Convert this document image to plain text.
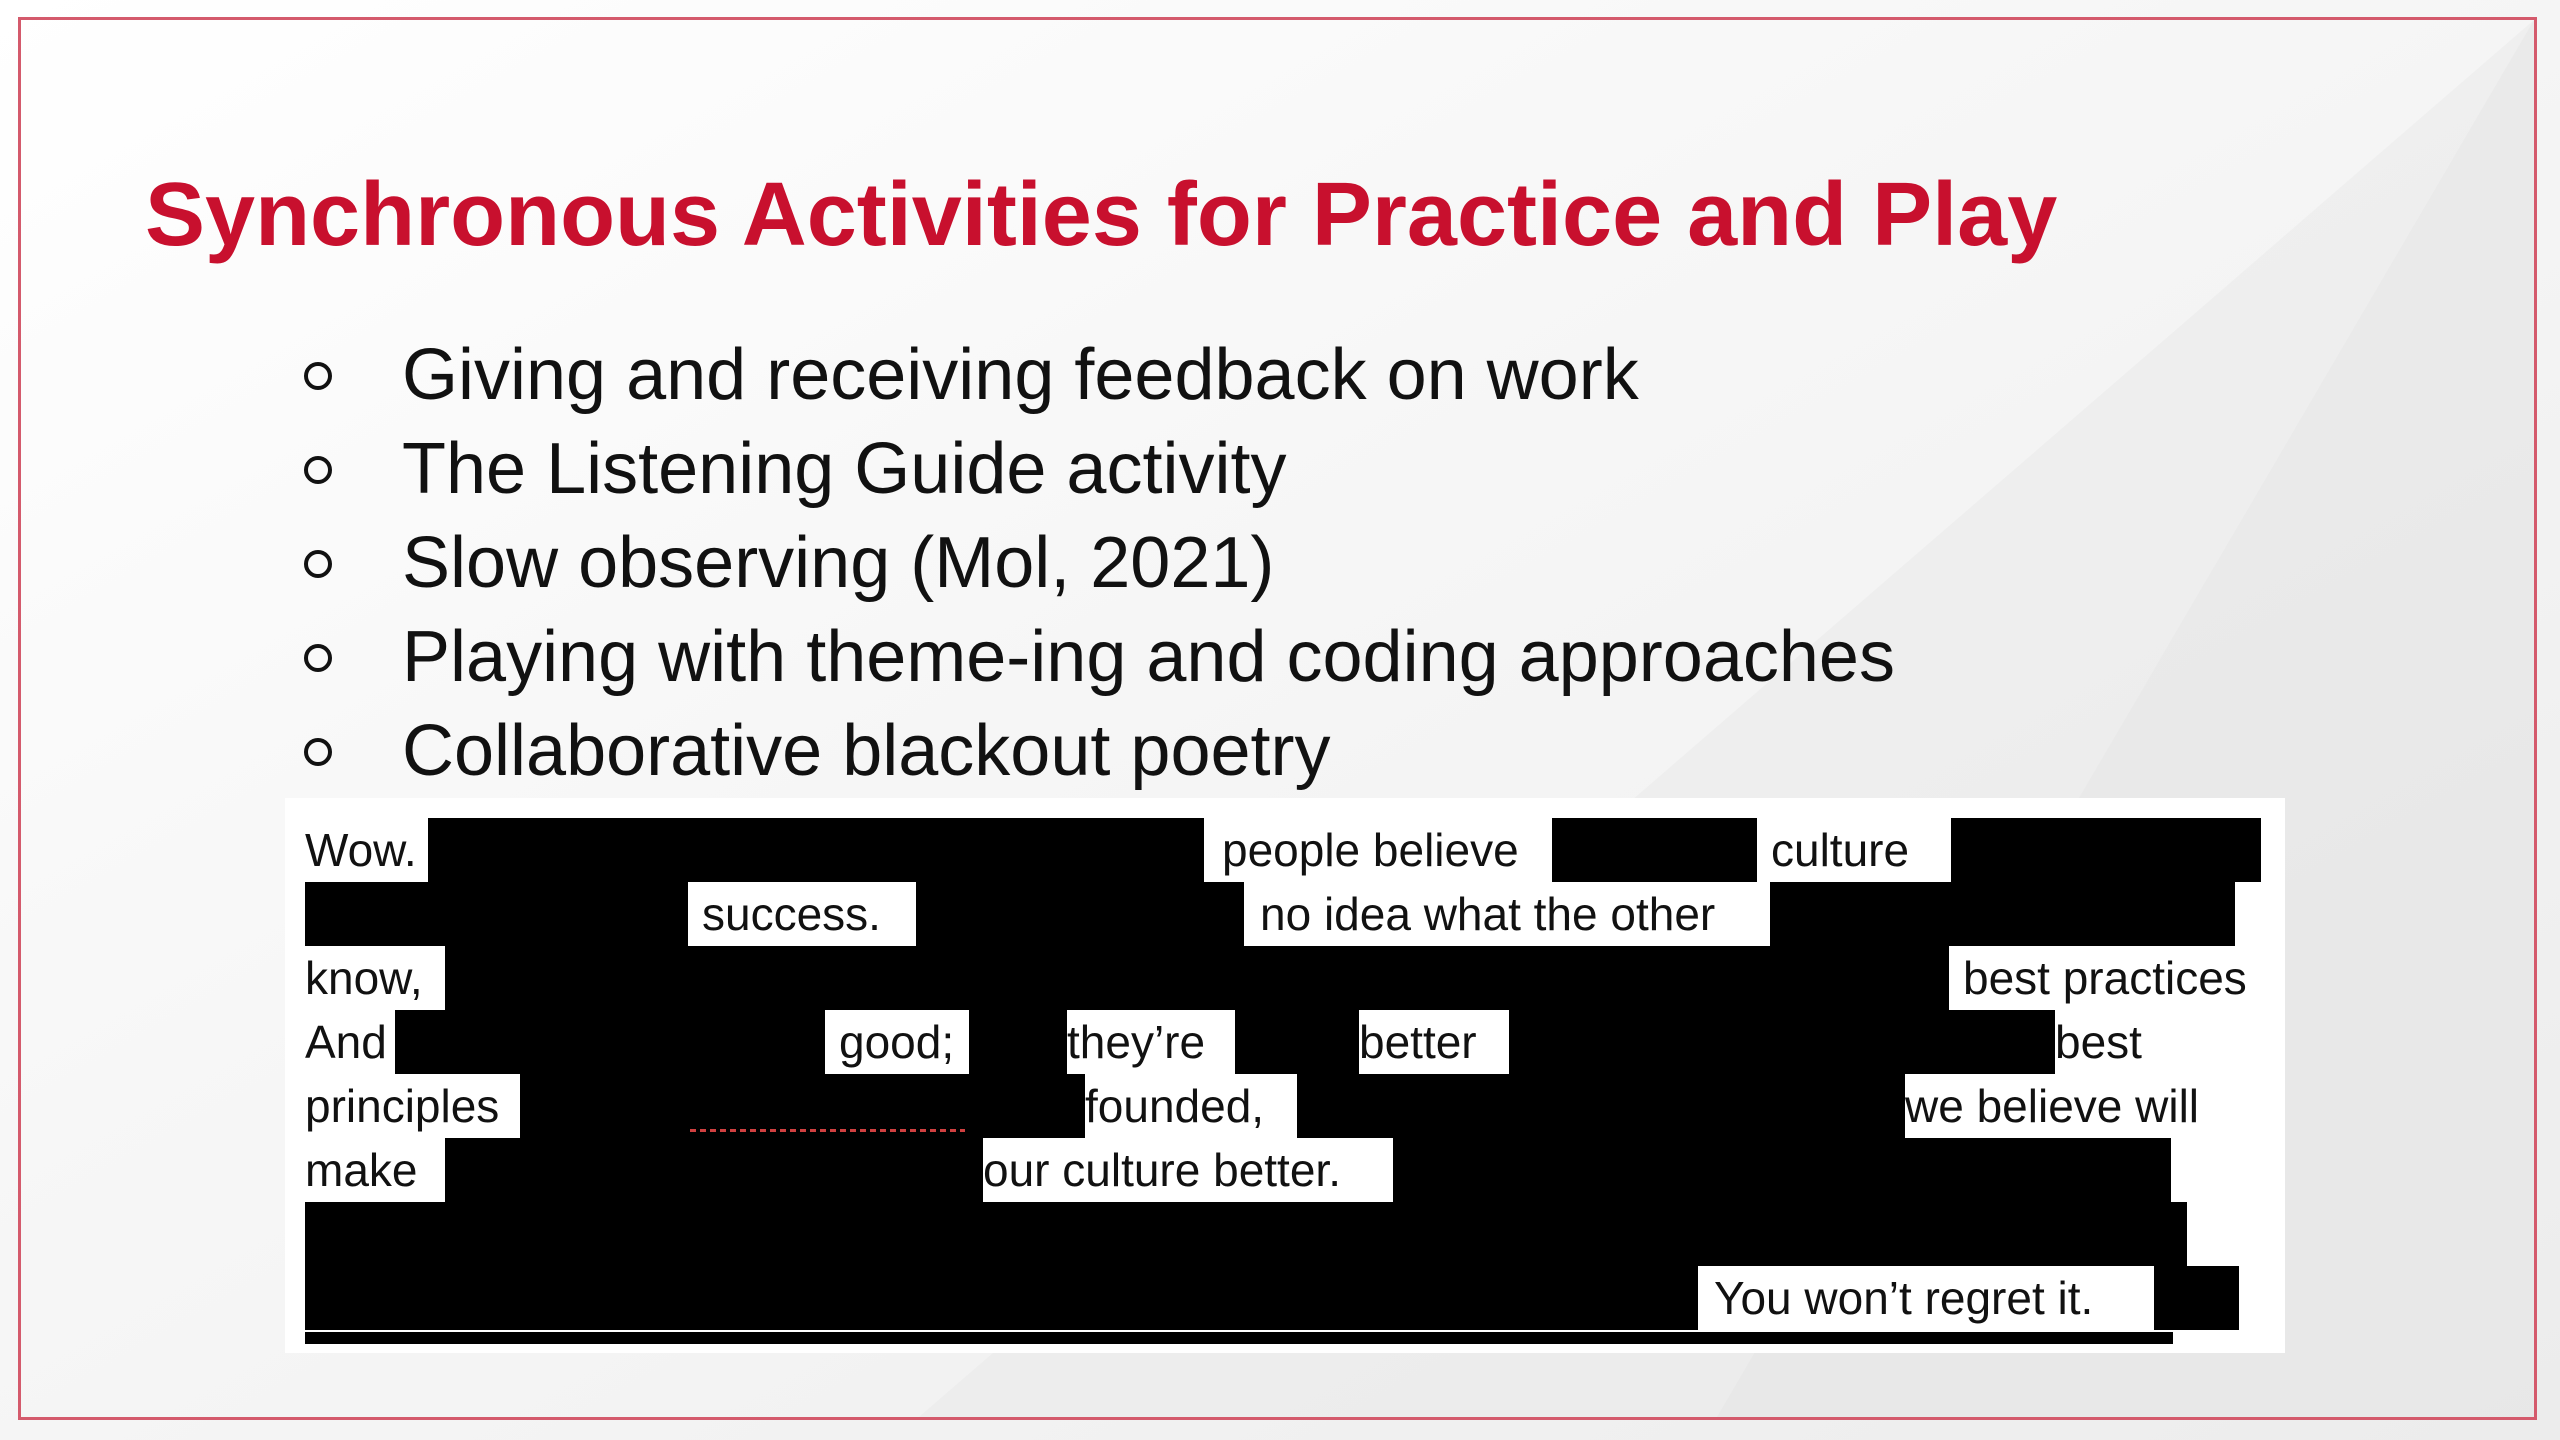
Synchronous Activities for Practice and Play
Giving and receiving feedback on work
The Listening Guide activity
Slow observing (Mol, 2021)
Playing with theme-ing and coding approaches
Collaborative blackout poetry
Wow.	people believe	culture
success.	no idea what the other
know,	best practices
And	good;	they’re	better	best
principles	founded,	we believe will
make	our culture better.
You won’t regret it.
